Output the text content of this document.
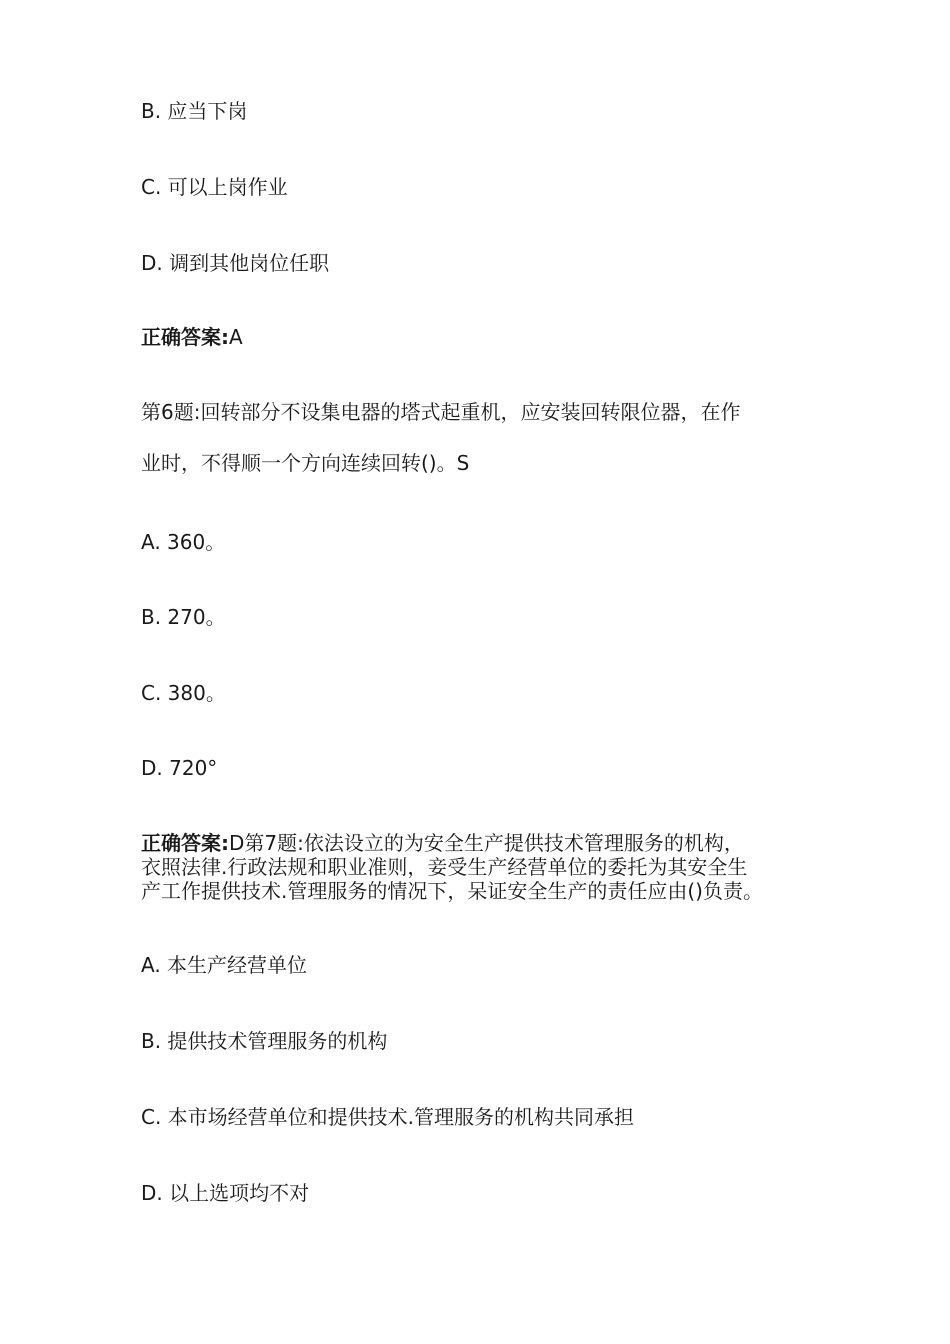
B. 应当下岗
C. 可以上岗作业
D. 调到其他岗位任职
正确答案:A
第6题:回转部分不设集电器的塔式起重机，应安装回转限位器，在作
业时，不得顺一个方向连续回转()。S
A. 360。
B. 270。
C. 380。
D. 720°
正确答案:D第7题:依法设立的为安全生产提供技术管理服务的机构，
衣照法律.行政法规和职业准则，妾受生产经营单位的委托为其安全生
产工作提供技术.管理服务的情况下，呆证安全生产的责任应由()负责。
A. 本生产经营单位
B. 提供技术管理服务的机构
C. 本市场经营单位和提供技术.管理服务的机构共同承担
D. 以上选项均不对
